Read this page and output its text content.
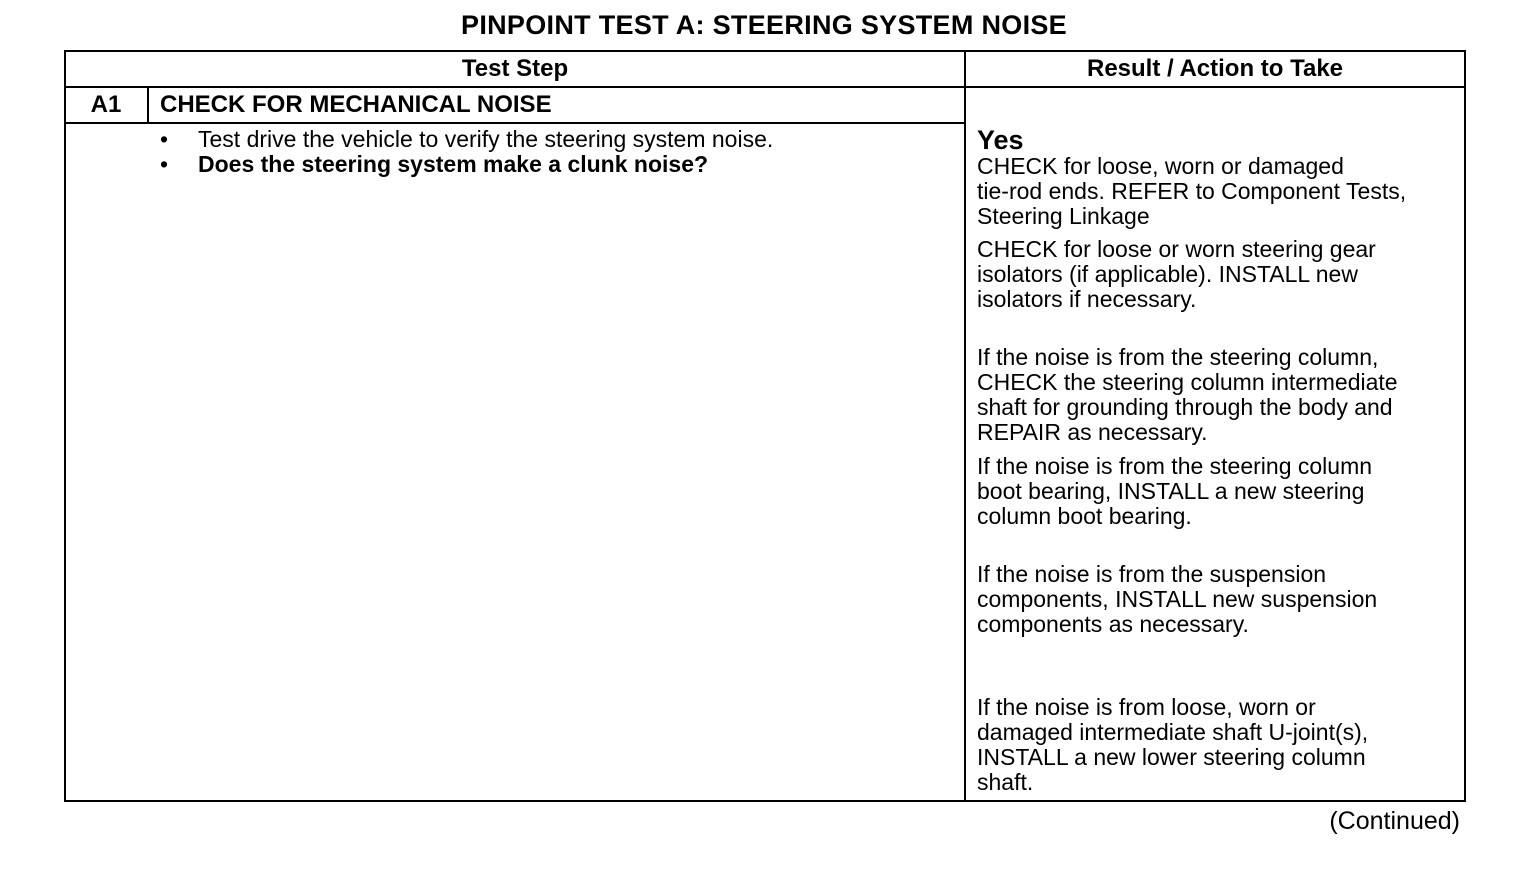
PINPOINT TEST A: STEERING SYSTEM NOISE
Test Step	Result / Action to Take
A1	CHECK FOR MECHANICAL NOISE
• Test drive the vehicle to verify the steering system noise.
• Does the steering system make a clunk noise?
Yes
CHECK for loose, worn or damaged
tie-rod ends. REFER to Component Tests,
Steering Linkage
CHECK for loose or worn steering gear
isolators (if applicable). INSTALL new
isolators if necessary.
If the noise is from the steering column,
CHECK the steering column intermediate
shaft for grounding through the body and
REPAIR as necessary.
If the noise is from the steering column
boot bearing, INSTALL a new steering
column boot bearing.
If the noise is from the suspension
components, INSTALL new suspension
components as necessary.
If the noise is from loose, worn or
damaged intermediate shaft U-joint(s),
INSTALL a new lower steering column
shaft.
(Continued)
